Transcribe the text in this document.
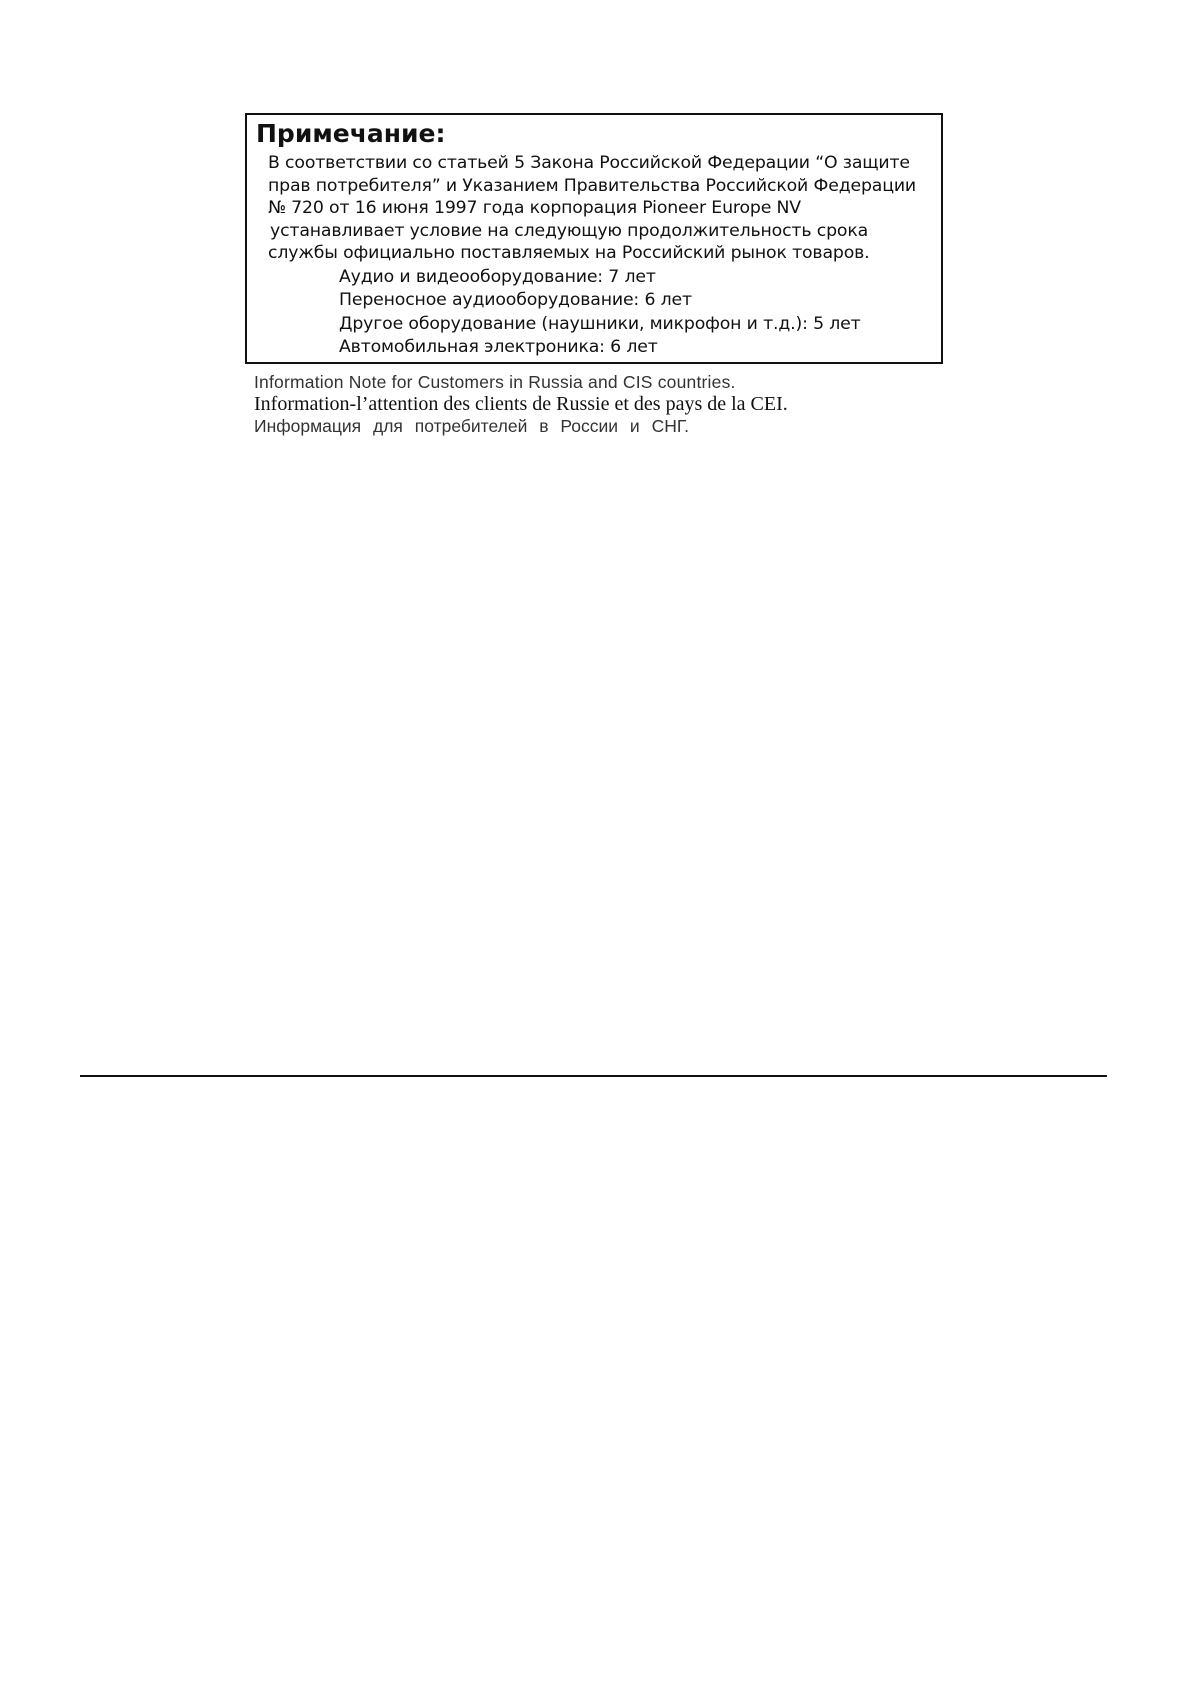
Примечание:
В соответствии со статьей 5 Закона Российской Федерации “О защите
прав потребителя” и Указанием Правительства Российской Федерации
№ 720 от 16 июня 1997 года корпорация Pioneer Europe NV
устанавливает условие на следующую продолжительность срока
службы официально поставляемых на Российский рынок товаров.
Аудио и видеооборудование: 7 лет
Переносное аудиооборудование: 6 лет
Другое оборудование (наушники, микрофон и т.д.): 5 лет
Автомобильная электроника: 6 лет
Information Note for Customers in Russia and CIS countries.
Information-l’attention des clients de Russie et des pays de la CEI.
Информация для потребителей в России и СНГ.
